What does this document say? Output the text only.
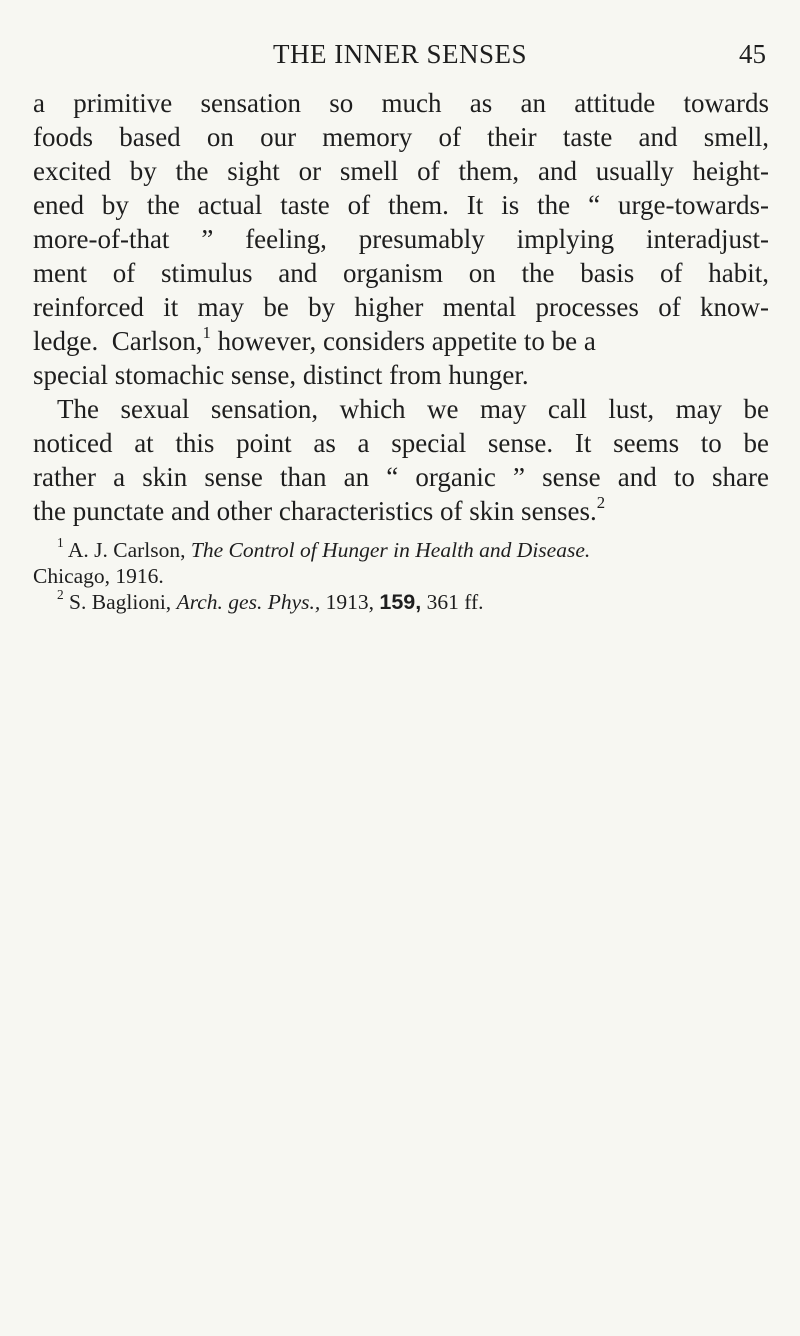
THE INNER SENSES	45
a primitive sensation so much as an attitude towards
foods based on our memory of their taste and smell,
excited by the sight or smell of them, and usually height-
ened by the actual taste of them. It is the “ urge-towards-
more-of-that ” feeling, presumably implying interadjust-
ment of stimulus and organism on the basis of habit,
reinforced it may be by higher mental processes of know-
ledge. Carlson,$^1$ however, considers appetite to be a
special stomachic sense, distinct from hunger.
The sexual sensation, which we may call lust, may be
noticed at this point as a special sense. It seems to be
rather a skin sense than an “ organic ” sense and to share
the punctate and other characteristics of skin senses.$^2$
$^1$ A. J. Carlson, The Control of Hunger in Health and Disease.
Chicago, 1916.
$^2$ S. Baglioni, Arch. ges. Phys., 1913, 159, 361 ff.
